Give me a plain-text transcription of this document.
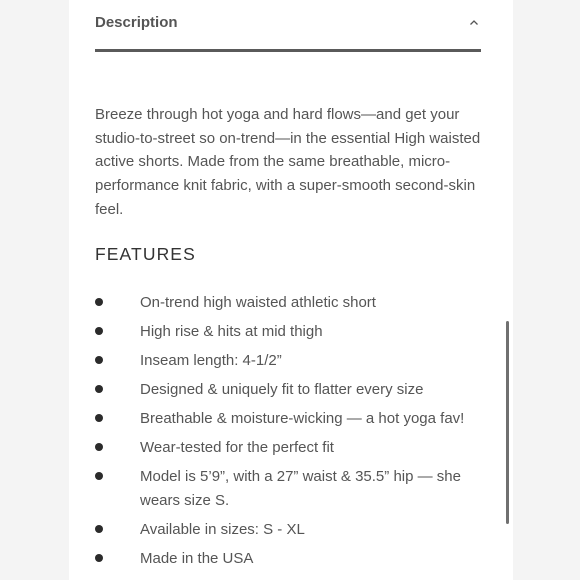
Description

Breeze through hot yoga and hard flows—and get your studio-to-street so on-trend—in the essential High waisted active shorts. Made from the same breathable, micro-performance knit fabric, with a super-smooth second-skin feel.

FEATURES
On-trend high waisted athletic short
High rise & hits at mid thigh
Inseam length: 4-1/2”
Designed & uniquely fit to flatter every size
Breathable & moisture-wicking — a hot yoga fav!
Wear-tested for the perfect fit
Model is 5’9”, with a 27” waist & 35.5” hip — she wears size S.
Available in sizes: S - XL
Made in the USA
